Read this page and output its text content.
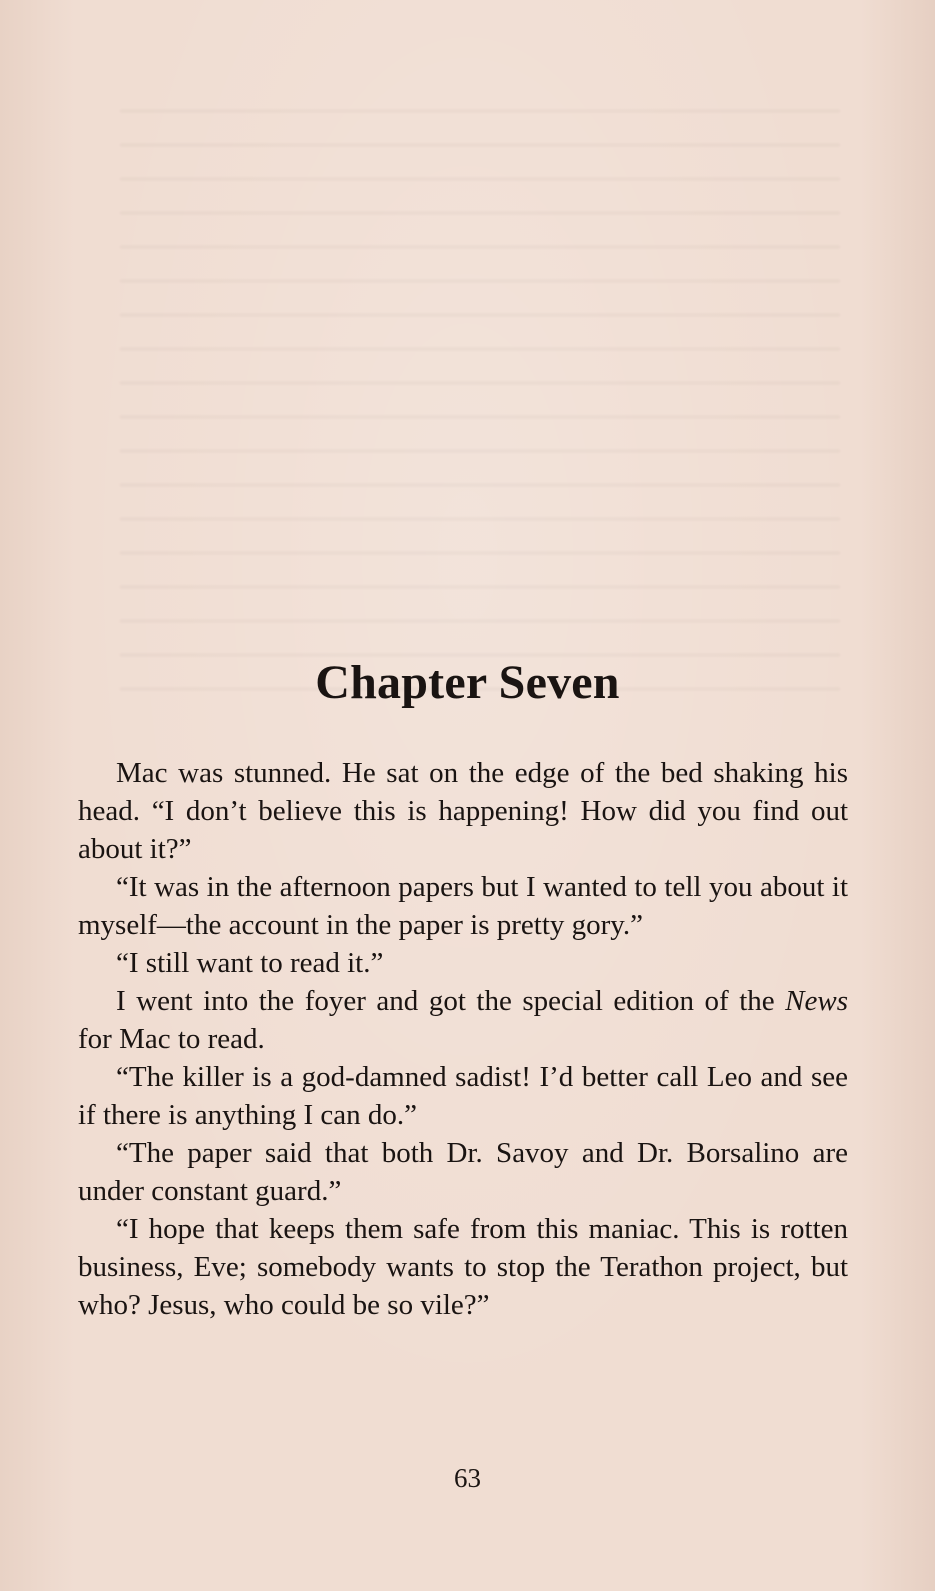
Chapter Seven

Mac was stunned. He sat on the edge of the bed shaking his head. “I don’t believe this is happening! How did you find out about it?”

“It was in the afternoon papers but I wanted to tell you about it myself—the account in the paper is pretty gory.”

“I still want to read it.”

I went into the foyer and got the special edition of the News for Mac to read.

“The killer is a god-damned sadist! I’d better call Leo and see if there is anything I can do.”

“The paper said that both Dr. Savoy and Dr. Borsalino are under constant guard.”

“I hope that keeps them safe from this maniac. This is rotten business, Eve; somebody wants to stop the Terathon project, but who? Jesus, who could be so vile?”

63
